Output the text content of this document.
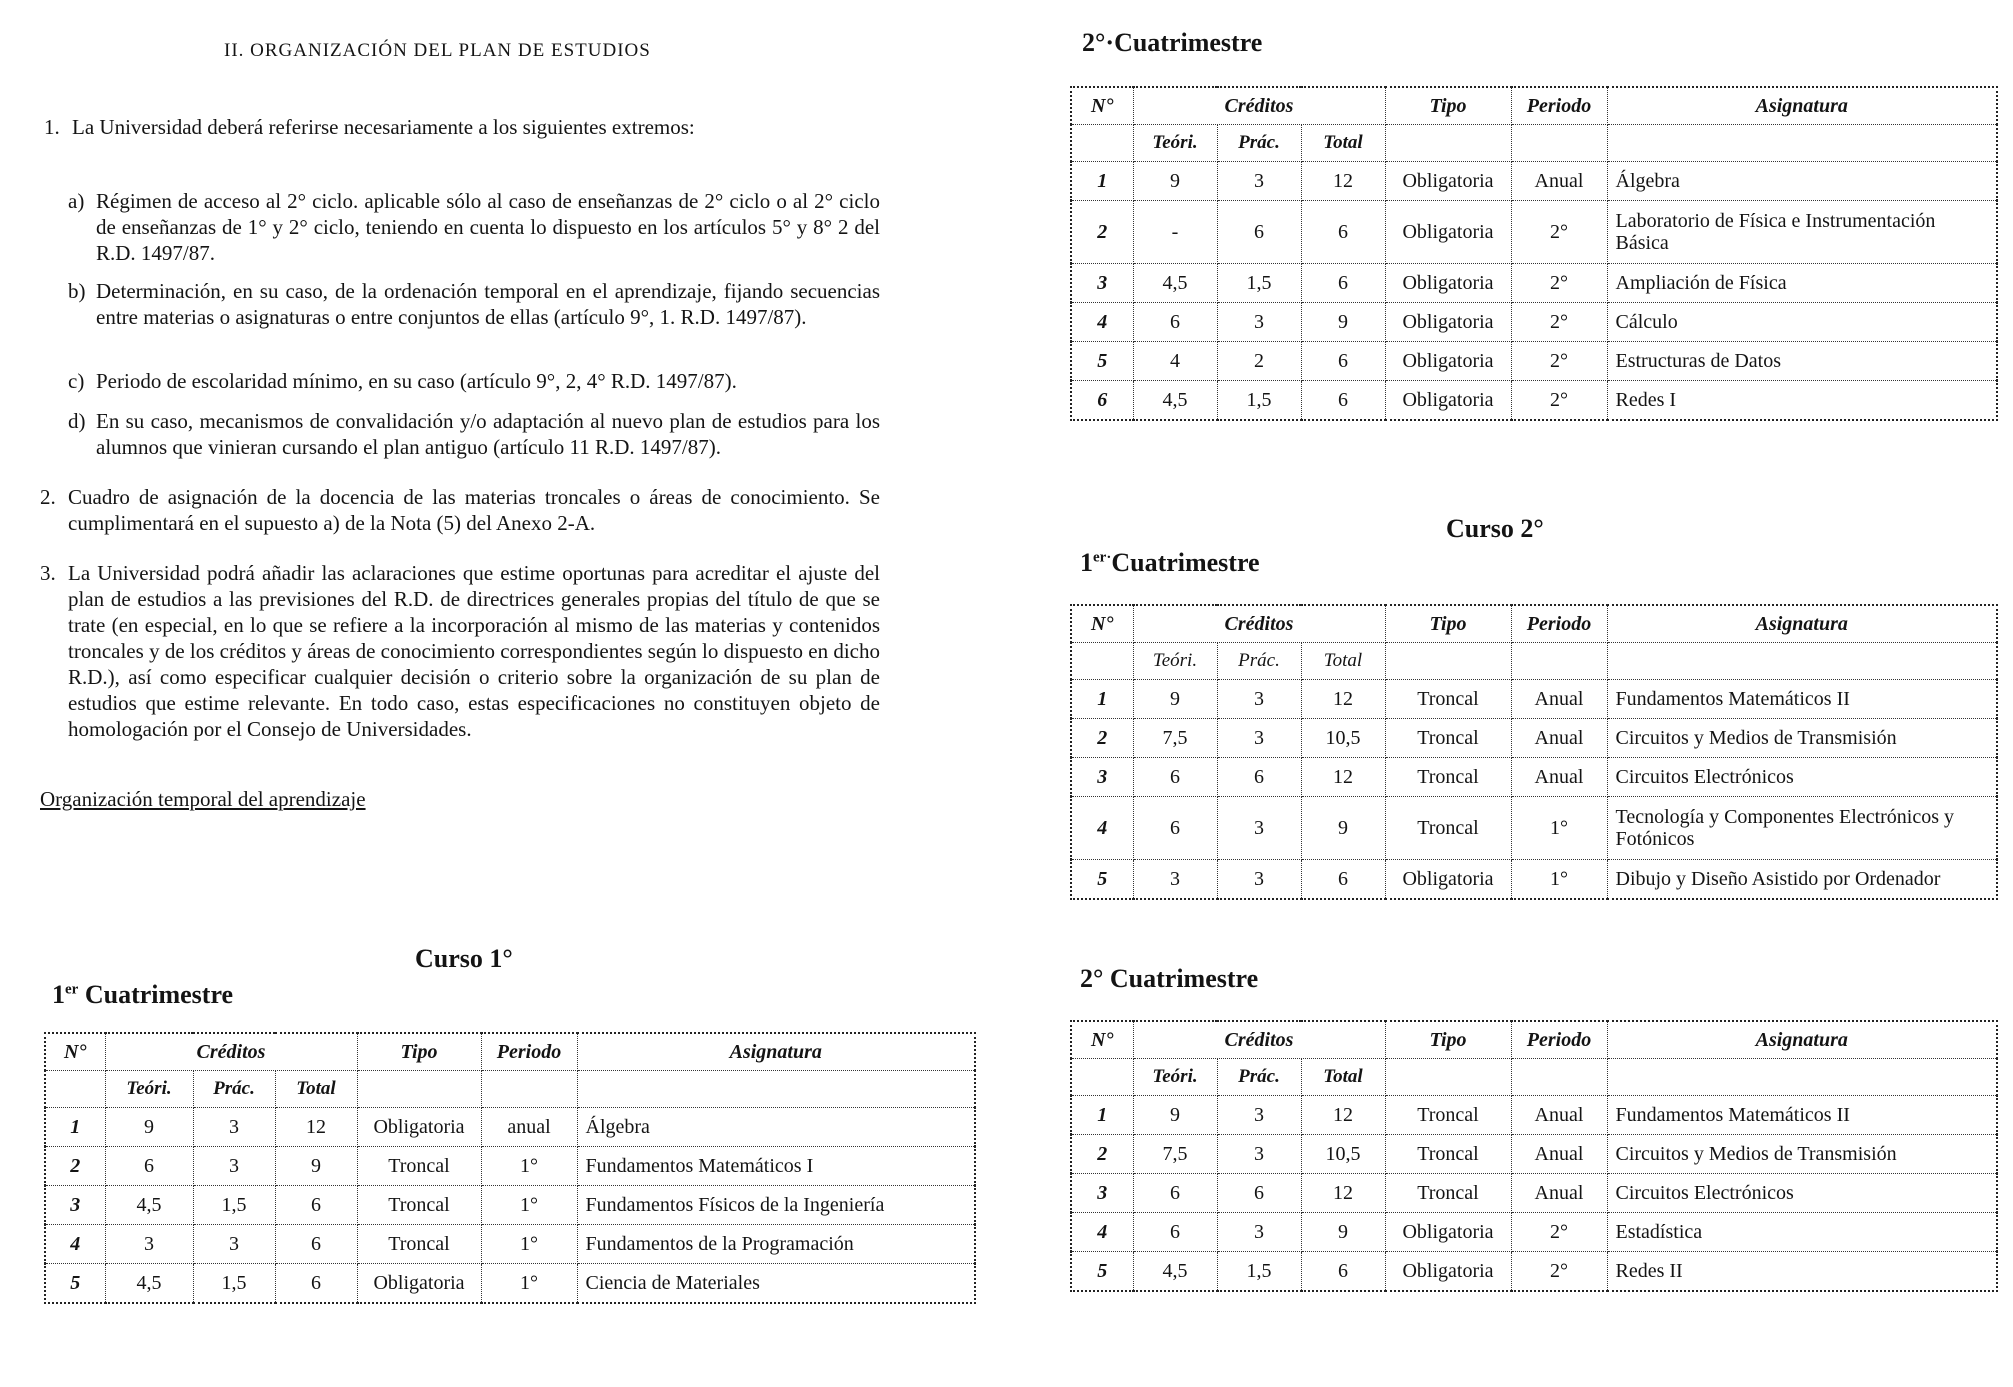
II. ORGANIZACIÓN DEL PLAN DE ESTUDIOS
1. La Universidad deberá referirse necesariamente a los siguientes extremos:
a) Régimen de acceso al 2° ciclo. aplicable sólo al caso de enseñanzas de 2° ciclo o al 2° ciclo de enseñanzas de 1° y 2° ciclo, teniendo en cuenta lo dispuesto en los artículos 5° y 8° 2 del R.D. 1497/87.
b) Determinación, en su caso, de la ordenación temporal en el aprendizaje, fijando secuencias entre materias o asignaturas o entre conjuntos de ellas (artículo 9°, 1. R.D. 1497/87).
c) Periodo de escolaridad mínimo, en su caso (artículo 9°, 2, 4° R.D. 1497/87).
d) En su caso, mecanismos de convalidación y/o adaptación al nuevo plan de estudios para los alumnos que vinieran cursando el plan antiguo (artículo 11 R.D. 1497/87).
2. Cuadro de asignación de la docencia de las materias troncales o áreas de conocimiento. Se cumplimentará en el supuesto a) de la Nota (5) del Anexo 2-A.
3. La Universidad podrá añadir las aclaraciones que estime oportunas para acreditar el ajuste del plan de estudios a las previsiones del R.D. de directrices generales propias del título de que se trate (en especial, en lo que se refiere a la incorporación al mismo de las materias y contenidos troncales y de los créditos y áreas de conocimiento correspondientes según lo dispuesto en dicho R.D.), así como especificar cualquier decisión o criterio sobre la organización de su plan de estudios que estime relevante. En todo caso, estas especificaciones no constituyen objeto de homologación por el Consejo de Universidades.
Organización temporal del aprendizaje
Curso 1°
1er Cuatrimestre
N°	Créditos			Tipo	Periodo	Asignatura
	Teóri.	Prác.	Total			
1	9	3	12	Obligatoria	anual	Álgebra
2	6	3	9	Troncal	1°	Fundamentos Matemáticos I
3	4,5	1,5	6	Troncal	1°	Fundamentos Físicos de la Ingeniería
4	3	3	6	Troncal	1°	Fundamentos de la Programación
5	4,5	1,5	6	Obligatoria	1°	Ciencia de Materiales
2°·Cuatrimestre
N°	Créditos			Tipo	Periodo	Asignatura
	Teóri.	Prác.	Total			
1	9	3	12	Obligatoria	Anual	Álgebra
2	-	6	6	Obligatoria	2°	Laboratorio de Física e Instrumentación Básica
3	4,5	1,5	6	Obligatoria	2°	Ampliación de Física
4	6	3	9	Obligatoria	2°	Cálculo
5	4	2	6	Obligatoria	2°	Estructuras de Datos
6	4,5	1,5	6	Obligatoria	2°	Redes I
Curso 2°
$1^{er\cdot}Cuatrimestre$
N°	Créditos			Tipo	Periodo	Asignatura
	Teóri.	Prác.	Total			
1	9	3	12	Troncal	Anual	Fundamentos Matemáticos II
2	7,5	3	10,5	Troncal	Anual	Circuitos y Medios de Transmisión
3	6	6	12	Troncal	Anual	Circuitos Electrónicos
4	6	3	9	Troncal	1°	Tecnología y Componentes Electrónicos y Fotónicos
5	3	3	6	Obligatoria	1°	Dibujo y Diseño Asistido por Ordenador
2° Cuatrimestre
N°	Créditos			Tipo	Periodo	Asignatura
	Teóri.	Prác.	Total			
1	9	3	12	Troncal	Anual	Fundamentos Matemáticos II
2	7,5	3	10,5	Troncal	Anual	Circuitos y Medios de Transmisión
3	6	6	12	Troncal	Anual	Circuitos Electrónicos
4	6	3	9	Obligatoria	2°	Estadística
5	4,5	1,5	6	Obligatoria	2°	Redes II
